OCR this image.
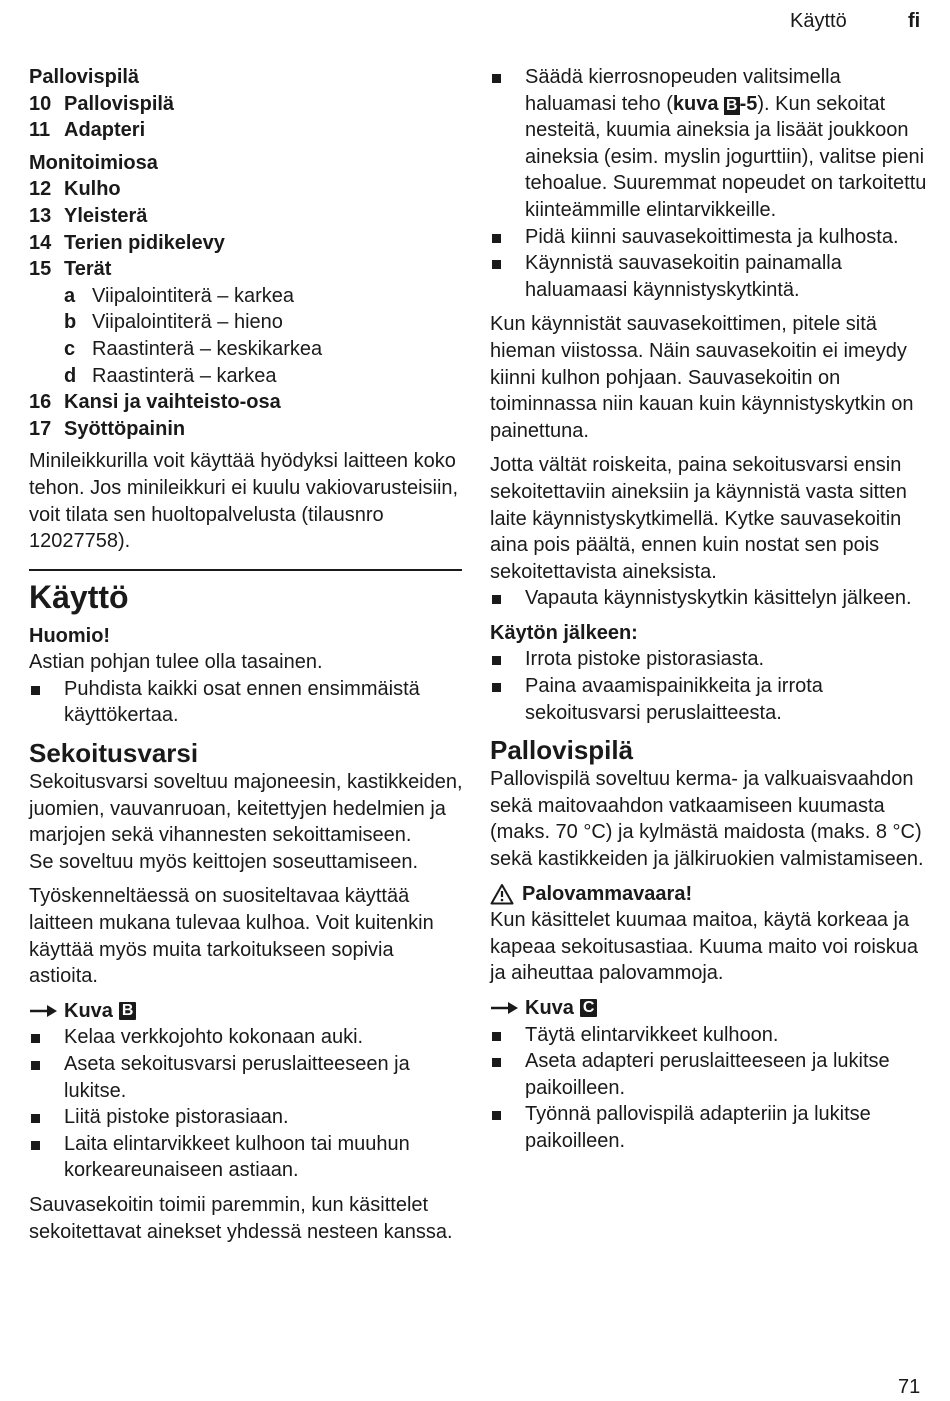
Käyttö	fi

Pallovispilä

10 Pallovispilä
11 Adapteri

Monitoimiosa

12 Kulho
13 Yleisterä
14 Terien pidikelevy
15 Terät
a Viipalointiterä – karkea
b Viipalointiterä – hieno
c Raastinterä – keskikarkea
d Raastinterä – karkea
16 Kansi ja vaihteisto-osa
17 Syöttöpainin

Minileikkurilla voit käyttää hyödyksi laitteen koko tehon. Jos minileikkuri ei kuulu vakiovarusteisiin, voit tilata sen huoltopalvelusta (tilausnro 12027758).

Käyttö

Huomio!

Astian pohjan tulee olla tasainen.

Puhdista kaikki osat ennen ensimmäistä käyttökertaa.
Sekoitusvarsi

Sekoitusvarsi soveltuu majoneesin, kastikkeiden, juomien, vauvanruoan, keitettyjen hedelmien ja marjojen sekä vihannesten sekoittamiseen.

Se soveltuu myös keittojen soseuttamiseen.

Työskenneltäessä on suositeltavaa käyttää laitteen mukana tulevaa kulhoa. Voit kuitenkin käyttää myös muita tarkoitukseen sopivia astioita.

Kuva B
Kelaa verkkojohto kokonaan auki.
Aseta sekoitusvarsi peruslaitteeseen ja lukitse.
Liitä pistoke pistorasiaan.
Laita elintarvikkeet kulhoon tai muuhun korkeareunaiseen astiaan.

Sauvasekoitin toimii paremmin, kun käsittelet sekoitettavat ainekset yhdessä nesteen kanssa.

Säädä kierrosnopeuden valitsimella haluamasi teho (kuva B -5). Kun sekoitat nesteitä, kuumia aineksia ja lisäät joukkoon aineksia (esim. myslin jogurttiin), valitse pieni tehoalue. Suuremmat nopeudet on tarkoitettu kiinteämmille elintarvikkeille.
Pidä kiinni sauvasekoittimesta ja kulhosta.
Käynnistä sauvasekoitin painamalla haluamaasi käynnistyskytkintä.

Kun käynnistät sauvasekoittimen, pitele sitä hieman viistossa. Näin sauvasekoitin ei imeydy kiinni kulhon pohjaan. Sauvasekoitin on toiminnassa niin kauan kuin käynnistyskytkin on painettuna.

Jotta vältät roiskeita, paina sekoitusvarsi ensin sekoitettaviin aineksiin ja käynnistä vasta sitten laite käynnistyskytkimellä. Kytke sauvasekoitin aina pois päältä, ennen kuin nostat sen pois sekoitettavista aineksista.

Vapauta käynnistyskytkin käsittelyn jälkeen.

Käytön jälkeen:

Irrota pistoke pistorasiasta.
Paina avaamispainikkeita ja irrota sekoitusvarsi peruslaitteesta.
Pallovispilä

Pallovispilä soveltuu kerma- ja valkuaisvaahdon sekä maitovaahdon vatkaamiseen kuumasta (maks. 70 °C) ja kylmästä maidosta (maks. 8 °C) sekä kastikkeiden ja jälkiruokien valmistamiseen.

Palovammavaara!

Kun käsittelet kuumaa maitoa, käytä korkeaa ja kapeaa sekoitusastiaa. Kuuma maito voi roiskua ja aiheuttaa palovammoja.

Kuva C
Täytä elintarvikkeet kulhoon.
Aseta adapteri peruslaitteeseen ja lukitse paikoilleen.
Työnnä pallovispilä adapteriin ja lukitse paikoilleen.
71
